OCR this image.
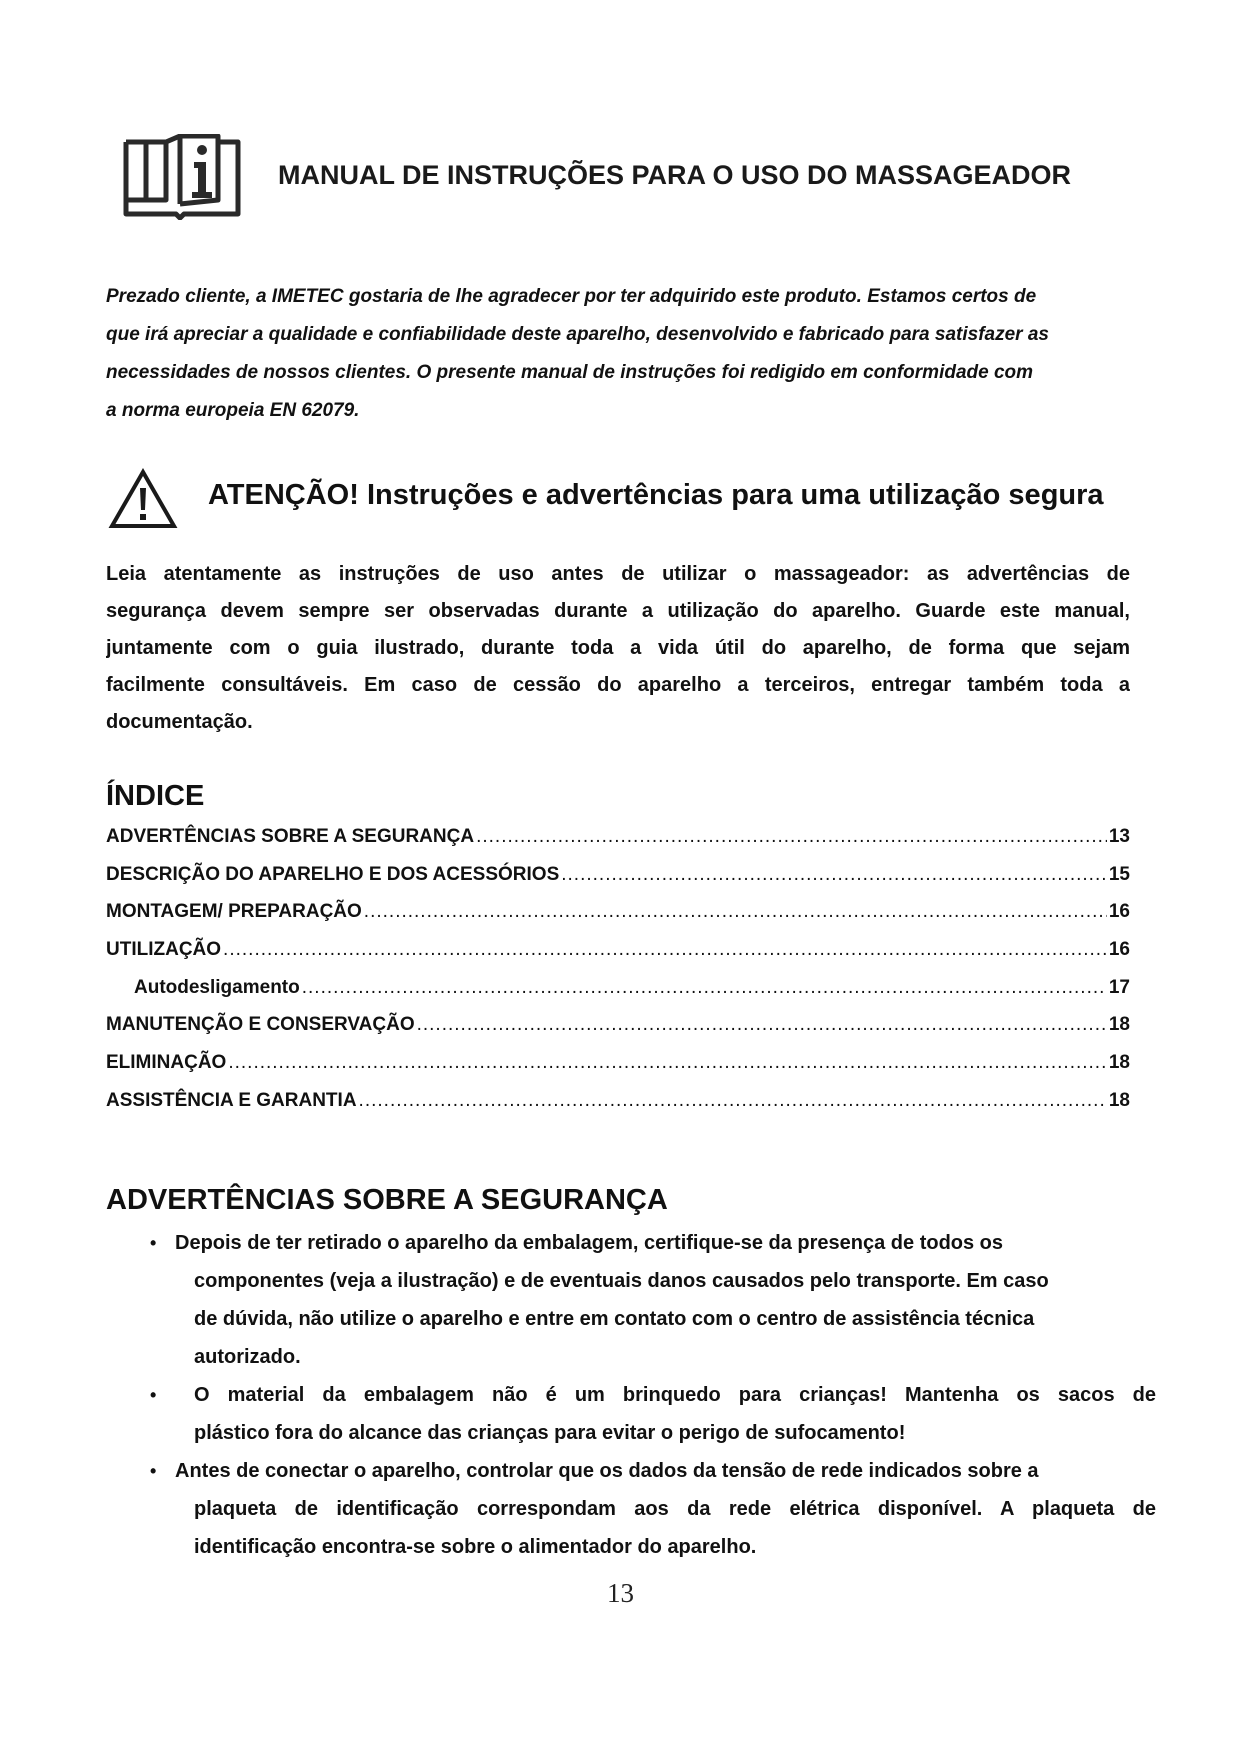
MANUAL DE INSTRUÇÕES PARA O USO DO MASSAGEADOR
Prezado cliente, a IMETEC gostaria de lhe agradecer por ter adquirido este produto. Estamos certos de
que irá apreciar a qualidade e confiabilidade deste aparelho, desenvolvido e fabricado para satisfazer as
necessidades de nossos clientes. O presente manual de instruções foi redigido em conformidade com
a norma europeia EN 62079.
ATENÇÃO! Instruções e advertências para uma utilização segura
Leia atentamente as instruções de uso antes de utilizar o massageador: as advertências de
segurança devem sempre ser observadas durante a utilização do aparelho. Guarde este manual,
juntamente com o guia ilustrado, durante toda a vida útil do aparelho, de forma que sejam
facilmente consultáveis. Em caso de cessão do aparelho a terceiros, entregar também toda a
documentação.
ÍNDICE
ADVERTÊNCIAS SOBRE A SEGURANÇA .....	13
DESCRIÇÃO DO APARELHO E DOS ACESSÓRIOS .....	15
MONTAGEM/ PREPARAÇÃO .....	16
UTILIZAÇÃO .....	16
Autodesligamento .....	17
MANUTENÇÃO E CONSERVAÇÃO .....	18
ELIMINAÇÃO .....	18
ASSISTÊNCIA E GARANTIA .....	18
ADVERTÊNCIAS SOBRE A SEGURANÇA
• Depois de ter retirado o aparelho da embalagem, certifique-se da presença de todos os
componentes (veja a ilustração) e de eventuais danos causados pelo transporte. Em caso
de dúvida, não utilize o aparelho e entre em contato com o centro de assistência técnica
autorizado.
•	O material da embalagem não é um brinquedo para crianças! Mantenha os sacos de
plástico fora do alcance das crianças para evitar o perigo de sufocamento!
• Antes de conectar o aparelho, controlar que os dados da tensão de rede indicados sobre a
plaqueta de identificação correspondam aos da rede elétrica disponível. A plaqueta de
identificação encontra-se sobre o alimentador do aparelho.
13
